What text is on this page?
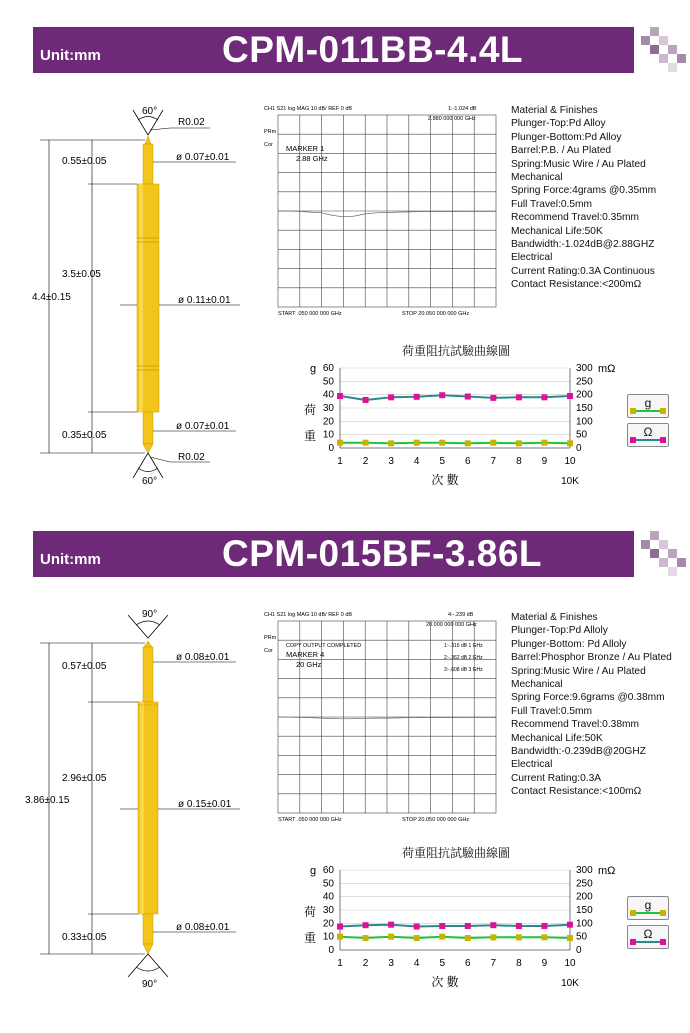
Unit:mm	CPM-011BB-4.4L
Unit:mm	CPM-015BF-3.86L
60°
R0.02
0.55±0.05
3.5±0.05
4.4±0.15
0.35±0.05
ø 0.07±0.01
ø 0.11±0.01
ø 0.07±0.01
60°
R0.02
90°
0.57±0.05
2.96±0.05
3.86±0.15
0.33±0.05
ø 0.08±0.01
ø 0.15±0.01
ø 0.08±0.01
90°
CH1 S21 log MAG 10 dB/ REF 0 dB	1:-1.024 dB
2.880 000 000 GHz
PRm
Cor MARKER 1
2.88 GHz
START .050 000 000 GHz	STOP 20.050 000 000 GHz
CH1 S21 log MAG 10 dB/ REF 0 dB	4:-.239 dB
20.000 000 000 GHz
PRm
Cor
COPY OUTPUT COMPLETED
MARKER 4
20 GHz
1:-.315 dB 1 GHz
2:-.362 dB 2 GHz
3:-.608 dB 3 GHz
START .050 000 000 GHz	STOP 20.050 000 000 GHz
Material & Finishes
Plunger-Top:Pd Alloy
Plunger-Bottom:Pd Alloy
Barrel:P.B. / Au Plated
Spring:Music Wire / Au Plated
Mechanical
Spring Force:4grams @0.35mm
Full Travel:0.5mm
Recommend Travel:0.35mm
Mechanical Life:50K
Bandwidth:-1.024dB@2.88GHZ
Electrical
Current Rating:0.3A Continuous
Contact Resistance:<200mΩ
Material & Finishes
Plunger-Top:Pd Alloly
Plunger-Bottom: Pd Alloly
Barrel:Phosphor Bronze / Au Plated
Spring:Music Wire / Au Plated
Mechanical
Spring Force:9.6grams @0.38mm
Full Travel:0.5mm
Recommend Travel:0.38mm
Mechanical Life:50K
Bandwidth:-0.239dB@20GHZ
Electrical
Current Rating:0.3A
Contact Resistance:<100mΩ
荷重阻抗試驗曲線圖
0
10
20
30
40
50
60
0
50
100
150
200
250
300
g	mΩ
荷
重
1 2 3 4 5 6 7 8 9 10
次 數	10K
g
Ω
荷重阻抗試驗曲線圖
0
10
20
30
40
50
60
0
50
100
150
200
250
300
g	mΩ
荷
重
1 2 3 4 5 6 7 8 9 10
次 數	10K
g
Ω
